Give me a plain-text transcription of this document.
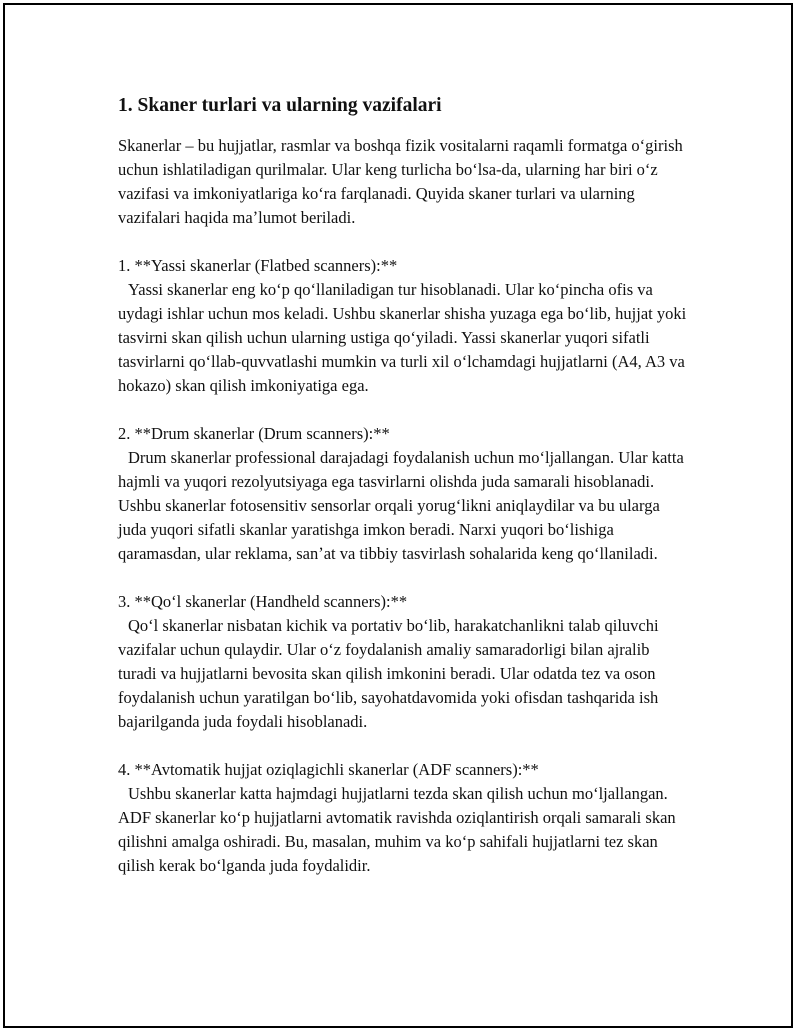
1. Skaner turlari va ularning vazifalari

Skanerlar – bu hujjatlar, rasmlar va boshqa fizik vositalarni raqamli formatga oʻgirish uchun ishlatiladigan qurilmalar. Ular keng turlicha boʻlsa-da, ularning har biri oʻz vazifasi va imkoniyatlariga koʻra farqlanadi. Quyida skaner turlari va ularning vazifalari haqida maʼlumot beriladi.

1. **Yassi skanerlar (Flatbed scanners):**
Yassi skanerlar eng koʻp qoʻllaniladigan tur hisoblanadi. Ular koʻpincha ofis va uydagi ishlar uchun mos keladi. Ushbu skanerlar shisha yuzaga ega boʻlib, hujjat yoki tasvirni skan qilish uchun ularning ustiga qoʻyiladi. Yassi skanerlar yuqori sifatli tasvirlarni qoʻllab-quvvatlashi mumkin va turli xil oʻlchamdagi hujjatlarni (A4, A3 va hokazo) skan qilish imkoniyatiga ega.
2. **Drum skanerlar (Drum scanners):**
Drum skanerlar professional darajadagi foydalanish uchun moʻljallangan. Ular katta hajmli va yuqori rezolyutsiyaga ega tasvirlarni olishda juda samarali hisoblanadi. Ushbu skanerlar fotosensitiv sensorlar orqali yorugʻlikni aniqlaydilar va bu ularga juda yuqori sifatli skanlar yaratishga imkon beradi. Narxi yuqori boʻlishiga qaramasdan, ular reklama, sanʼat va tibbiy tasvirlash sohalarida keng qoʻllaniladi.
3. **Qoʻl skanerlar (Handheld scanners):**
Qoʻl skanerlar nisbatan kichik va portativ boʻlib, harakatchanlikni talab qiluvchi vazifalar uchun qulaydir. Ular oʻz foydalanish amaliy samaradorligi bilan ajralib turadi va hujjatlarni bevosita skan qilish imkonini beradi. Ular odatda tez va oson foydalanish uchun yaratilgan boʻlib, sayohatdavomida yoki ofisdan tashqarida ish bajarilganda juda foydali hisoblanadi.
4. **Avtomatik hujjat oziqlagichli skanerlar (ADF scanners):**
Ushbu skanerlar katta hajmdagi hujjatlarni tezda skan qilish uchun moʻljallangan. ADF skanerlar koʻp hujjatlarni avtomatik ravishda oziqlantirish orqali samarali skan qilishni amalga oshiradi. Bu, masalan, muhim va koʻp sahifali hujjatlarni tez skan qilish kerak boʻlganda juda foydalidir.
